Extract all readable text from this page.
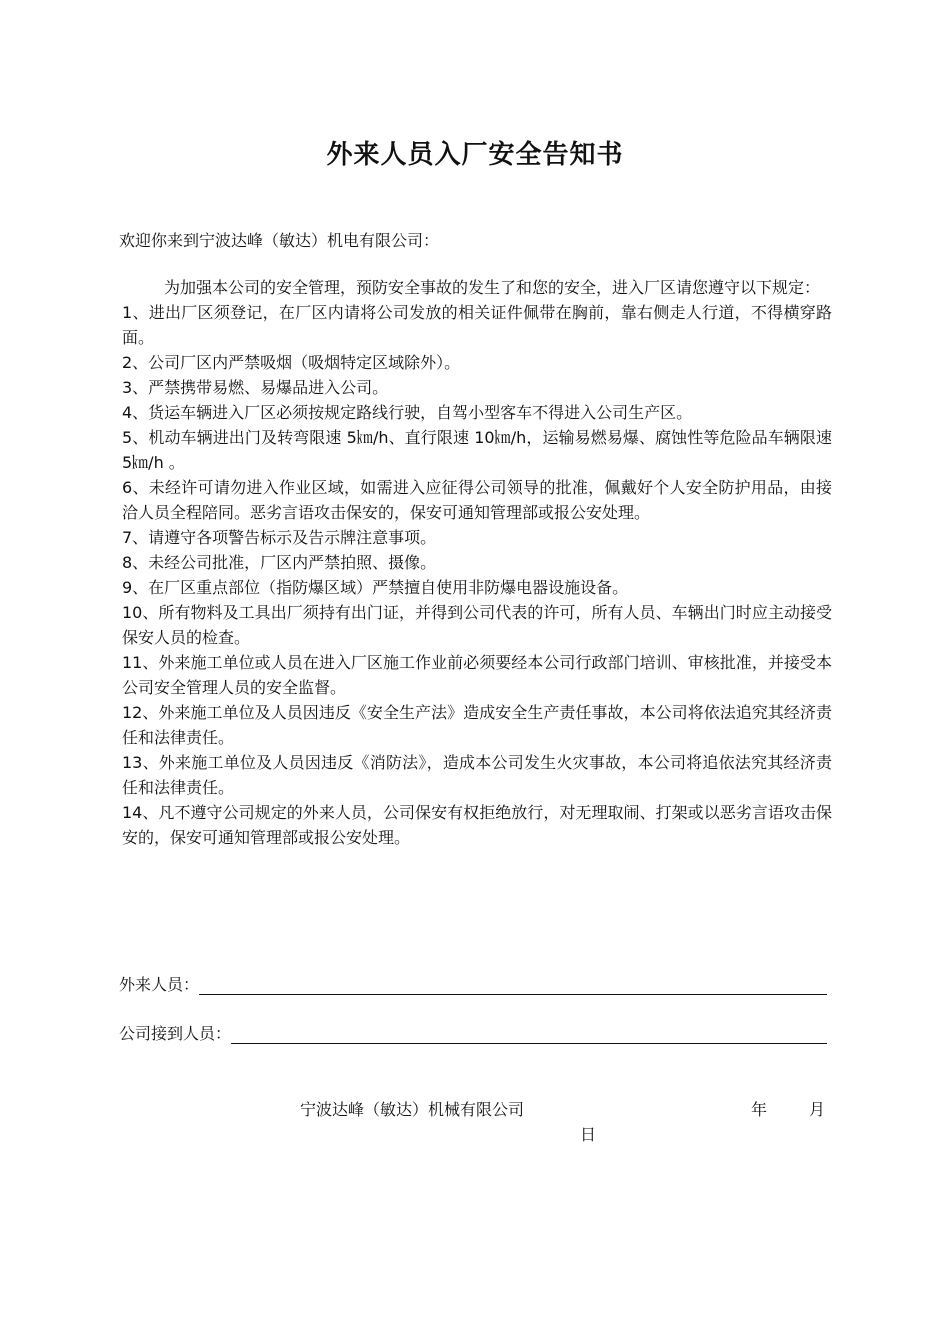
外来人员入厂安全告知书
欢迎你来到宁波达峰（敏达）机电有限公司：

为加强本公司的安全管理，预防安全事故的发生了和您的安全，进入厂区请您遵守以下规定：

1、进出厂区须登记，在厂区内请将公司发放的相关证件佩带在胸前，靠右侧走人行道，不得横穿路面。

2、公司厂区内严禁吸烟（吸烟特定区域除外）。

3、严禁携带易燃、易爆品进入公司。

4、货运车辆进入厂区必须按规定路线行驶，自驾小型客车不得进入公司生产区。

5、机动车辆进出门及转弯限速 5㎞/h、直行限速 10㎞/h，运输易燃易爆、腐蚀性等危险品车辆限速 5㎞/h 。

6、未经许可请勿进入作业区域，如需进入应征得公司领导的批准，佩戴好个人安全防护用品，由接洽人员全程陪同。恶劣言语攻击保安的，保安可通知管理部或报公安处理。

7、请遵守各项警告标示及告示牌注意事项。

8、未经公司批准，厂区内严禁拍照、摄像。

9、在厂区重点部位（指防爆区域）严禁擅自使用非防爆电器设施设备。

10、所有物料及工具出厂须持有出门证，并得到公司代表的许可，所有人员、车辆出门时应主动接受保安人员的检查。

11、外来施工单位或人员在进入厂区施工作业前必须要经本公司行政部门培训、审核批准，并接受本公司安全管理人员的安全监督。

12、外来施工单位及人员因违反《安全生产法》造成安全生产责任事故，本公司将依法追究其经济责任和法律责任。

13、外来施工单位及人员因违反《消防法》，造成本公司发生火灾事故，本公司将追依法究其经济责任和法律责任。

14、凡不遵守公司规定的外来人员，公司保安有权拒绝放行，对无理取闹、打架或以恶劣言语攻击保安的，保安可通知管理部或报公安处理。

外来人员：
公司接到人员：
宁波达峰（敏达）机械有限公司	年	月
日
